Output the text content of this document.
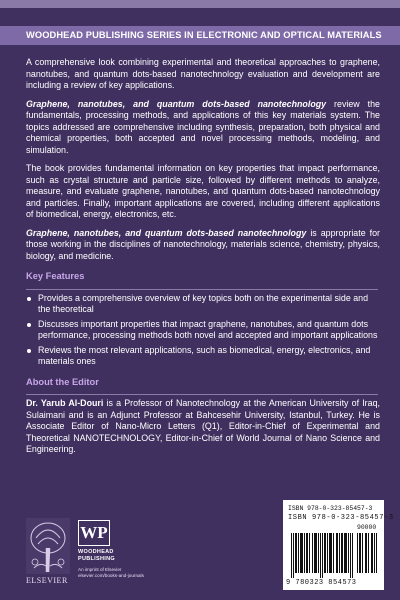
WOODHEAD PUBLISHING SERIES IN ELECTRONIC AND OPTICAL MATERIALS

A comprehensive look combining experimental and theoretical approaches to graphene, nanotubes, and quantum dots-based nanotechnology evaluation and development are including a review of key applications.

Graphene, nanotubes, and quantum dots-based nanotechnology review the fundamentals, processing methods, and applications of this key materials system. The topics addressed are comprehensive including synthesis, preparation, both physical and chemical properties, both accepted and novel processing methods, modeling, and simulation.

The book provides fundamental information on key properties that impact performance, such as crystal structure and particle size, followed by different methods to analyze, measure, and evaluate graphene, nanotubes, and quantum dots-based nanotechnology and particles. Finally, important applications are covered, including different applications of biomedical, energy, electronics, etc.

Graphene, nanotubes, and quantum dots-based nanotechnology is appropriate for those working in the disciplines of nanotechnology, materials science, chemistry, physics, biology, and medicine.

Key Features
Provides a comprehensive overview of key topics both on the experimental side and the theoretical
Discusses important properties that impact graphene, nanotubes, and quantum dots performance, processing methods both novel and accepted and important applications
Reviews the most relevant applications, such as biomedical, energy, electronics, and materials ones
About the Editor

Dr. Yarub Al-Douri is a Professor of Nanotechnology at the American University of Iraq, Sulaimani and is an Adjunct Professor at Bahcesehir University, Istanbul, Turkey. He is Associate Editor of Nano-Micro Letters (Q1), Editor-in-Chief of Experimental and Theoretical NANOTECHNOLOGY, Editor-in-Chief of World Journal of Nano Science and Engineering.

ELSEVIER
WP
WOODHEAD PUBLISHING
An imprint of Elsevier
elsevier.com/books-and-journals
ISBN 978-0-323-85457-3
ISBN 978-0-323-85457-3
90000
9 780323 854573
